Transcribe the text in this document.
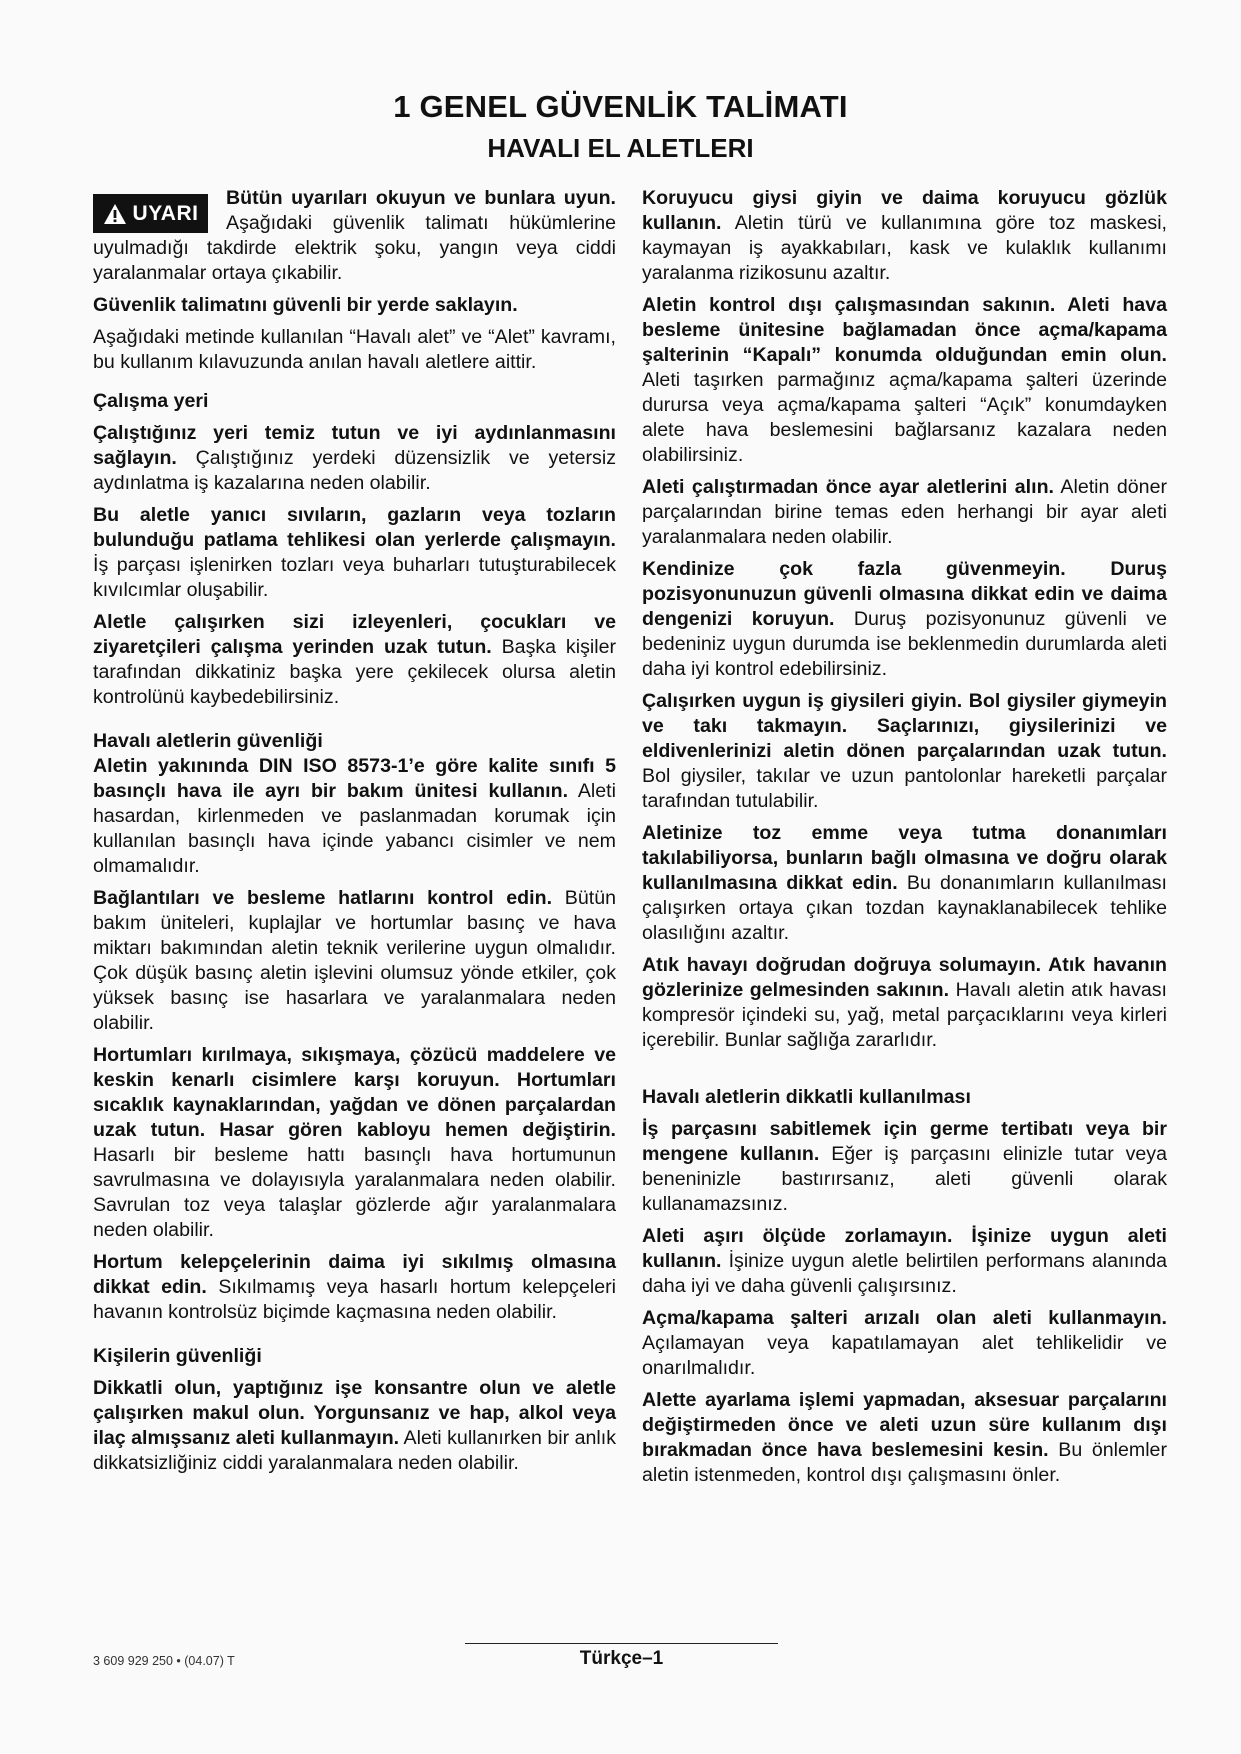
1 GENEL GÜVENLİK TALİMATI
HAVALI EL ALETLERI
UYARI

Bütün uyarıları okuyun ve bunlara uyun. Aşağıdaki güvenlik talimatı hükümlerine uyulmadığı takdirde elektrik şoku, yangın veya ciddi yaralanmalar ortaya çıkabilir.

Güvenlik talimatını güvenli bir yerde saklayın.

Aşağıdaki metinde kullanılan “Havalı alet” ve “Alet” kavramı, bu kullanım kılavuzunda anılan havalı aletlere aittir.

Çalışma yeri

Çalıştığınız yeri temiz tutun ve iyi aydınlanmasını sağlayın. Çalıştığınız yerdeki düzensizlik ve yetersiz aydınlatma iş kazalarına neden olabilir.

Bu aletle yanıcı sıvıların, gazların veya tozların bulunduğu patlama tehlikesi olan yerlerde çalışmayın. İş parçası işlenirken tozları veya buharları tutuşturabilecek kıvılcımlar oluşabilir.

Aletle çalışırken sizi izleyenleri, çocukları ve ziyaretçileri çalışma yerinden uzak tutun. Başka kişiler tarafından dikkatiniz başka yere çekilecek olursa aletin kontrolünü kaybedebilirsiniz.

Havalı aletlerin güvenliği

Aletin yakınında DIN ISO 8573-1’e göre kalite sınıfı 5 basınçlı hava ile ayrı bir bakım ünitesi kullanın. Aleti hasardan, kirlenmeden ve paslanmadan korumak için kullanılan basınçlı hava içinde yabancı cisimler ve nem olmamalıdır.

Bağlantıları ve besleme hatlarını kontrol edin. Bütün bakım üniteleri, kuplajlar ve hortumlar basınç ve hava miktarı bakımından aletin teknik verilerine uygun olmalıdır. Çok düşük basınç aletin işlevini olumsuz yönde etkiler, çok yüksek basınç ise hasarlara ve yaralanmalara neden olabilir.

Hortumları kırılmaya, sıkışmaya, çözücü maddelere ve keskin kenarlı cisimlere karşı koruyun. Hortumları sıcaklık kaynaklarından, yağdan ve dönen parçalardan uzak tutun. Hasar gören kabloyu hemen değiştirin. Hasarlı bir besleme hattı basınçlı hava hortumunun savrulmasına ve dolayısıyla yaralanmalara neden olabilir. Savrulan toz veya talaşlar gözlerde ağır yaralanmalara neden olabilir.

Hortum kelepçelerinin daima iyi sıkılmış olmasına dikkat edin. Sıkılmamış veya hasarlı hortum kelepçeleri havanın kontrolsüz biçimde kaçmasına neden olabilir.

Kişilerin güvenliği

Dikkatli olun, yaptığınız işe konsantre olun ve aletle çalışırken makul olun. Yorgunsanız ve hap, alkol veya ilaç almışsanız aleti kullanmayın. Aleti kullanırken bir anlık dikkatsizliğiniz ciddi yaralanmalara neden olabilir.

Koruyucu giysi giyin ve daima koruyucu gözlük kullanın. Aletin türü ve kullanımına göre toz maskesi, kaymayan iş ayakkabıları, kask ve kulaklık kullanımı yaralanma rizikosunu azaltır.

Aletin kontrol dışı çalışmasından sakının. Aleti hava besleme ünitesine bağlamadan önce açma/kapama şalterinin “Kapalı” konumda olduğundan emin olun. Aleti taşırken parmağınız açma/kapama şalteri üzerinde durursa veya açma/kapama şalteri “Açık” konumdayken alete hava beslemesini bağlarsanız kazalara neden olabilirsiniz.

Aleti çalıştırmadan önce ayar aletlerini alın. Aletin döner parçalarından birine temas eden herhangi bir ayar aleti yaralanmalara neden olabilir.

Kendinize çok fazla güvenmeyin. Duruş pozisyonunuzun güvenli olmasına dikkat edin ve daima dengenizi koruyun. Duruş pozisyonunuz güvenli ve bedeniniz uygun durumda ise beklenmedin durumlarda aleti daha iyi kontrol edebilirsiniz.

Çalışırken uygun iş giysileri giyin. Bol giysiler giymeyin ve takı takmayın. Saçlarınızı, giysilerinizi ve eldivenlerinizi aletin dönen parçalarından uzak tutun. Bol giysiler, takılar ve uzun pantolonlar hareketli parçalar tarafından tutulabilir.

Aletinize toz emme veya tutma donanımları takılabiliyorsa, bunların bağlı olmasına ve doğru olarak kullanılmasına dikkat edin. Bu donanımların kullanılması çalışırken ortaya çıkan tozdan kaynaklanabilecek tehlike olasılığını azaltır.

Atık havayı doğrudan doğruya solumayın. Atık havanın gözlerinize gelmesinden sakının. Havalı aletin atık havası kompresör içindeki su, yağ, metal parçacıklarını veya kirleri içerebilir. Bunlar sağlığa zararlıdır.

Havalı aletlerin dikkatli kullanılması

İş parçasını sabitlemek için germe tertibatı veya bir mengene kullanın. Eğer iş parçasını elinizle tutar veya beneninizle bastırırsanız, aleti güvenli olarak kullanamazsınız.

Aleti aşırı ölçüde zorlamayın. İşinize uygun aleti kullanın. İşinize uygun aletle belirtilen performans alanında daha iyi ve daha güvenli çalışırsınız.

Açma/kapama şalteri arızalı olan aleti kullanmayın. Açılamayan veya kapatılamayan alet tehlikelidir ve onarılmalıdır.

Alette ayarlama işlemi yapmadan, aksesuar parçalarını değiştirmeden önce ve aleti uzun süre kullanım dışı bırakmadan önce hava beslemesini kesin. Bu önlemler aletin istenmeden, kontrol dışı çalışmasını önler.

3 609 929 250 • (04.07) T	Türkçe–1
